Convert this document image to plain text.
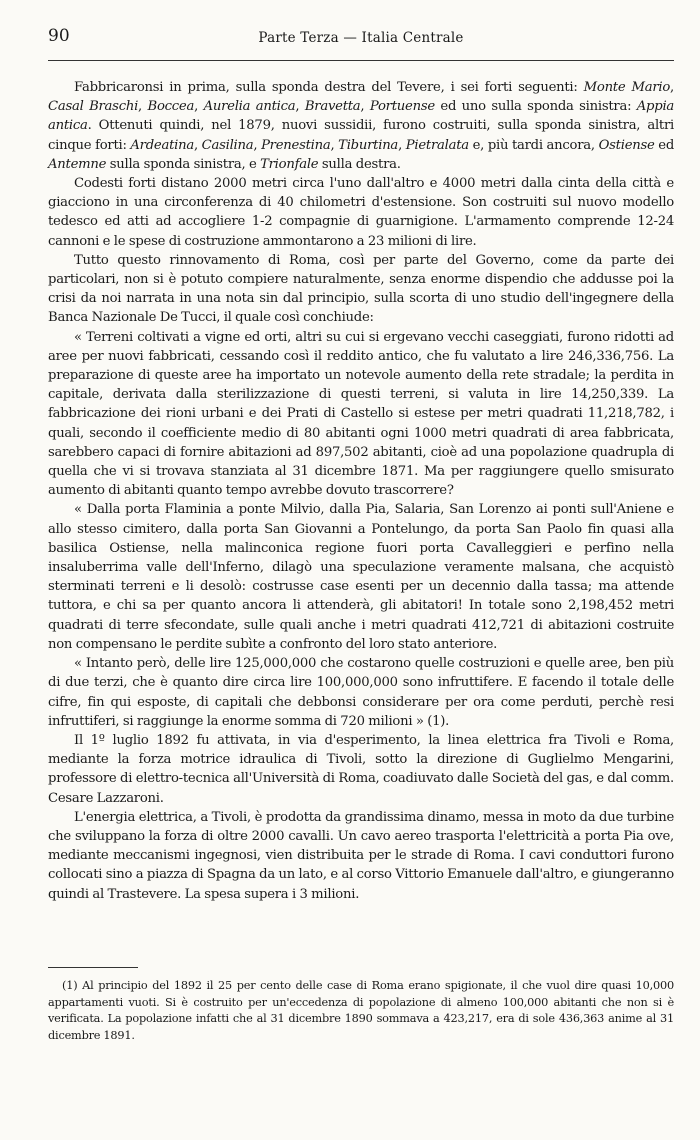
90	Parte Terza — Italia Centrale

Fabbricaronsi in prima, sulla sponda destra del Tevere, i sei forti seguenti: Monte Mario, Casal Braschi, Boccea, Aurelia antica, Bravetta, Portuense ed uno sulla sponda sinistra: Appia antica. Ottenuti quindi, nel 1879, nuovi sussidii, furono costruiti, sulla sponda sinistra, altri cinque forti: Ardeatina, Casilina, Prenestina, Tiburtina, Pietralata e, più tardi ancora, Ostiense ed Antemne sulla sponda sinistra, e Trionfale sulla destra.

Codesti forti distano 2000 metri circa l'uno dall'altro e 4000 metri dalla cinta della città e giacciono in una circonferenza di 40 chilometri d'estensione. Son costruiti sul nuovo modello tedesco ed atti ad accogliere 1-2 compagnie di guarnigione. L'armamento comprende 12-24 cannoni e le spese di costruzione ammontarono a 23 milioni di lire.

Tutto questo rinnovamento di Roma, così per parte del Governo, come da parte dei particolari, non si è potuto compiere naturalmente, senza enorme dispendio che addusse poi la crisi da noi narrata in una nota sin dal principio, sulla scorta di uno studio dell'ingegnere della Banca Nazionale De Tucci, il quale così conchiude:

« Terreni coltivati a vigne ed orti, altri su cui si ergevano vecchi caseggiati, furono ridotti ad aree per nuovi fabbricati, cessando così il reddito antico, che fu valutato a lire 246,336,756. La preparazione di queste aree ha importato un notevole aumento della rete stradale; la perdita in capitale, derivata dalla sterilizzazione di questi terreni, si valuta in lire 14,250,339. La fabbricazione dei rioni urbani e dei Prati di Castello si estese per metri quadrati 11,218,782, i quali, secondo il coefficiente medio di 80 abitanti ogni 1000 metri quadrati di area fabbricata, sarebbero capaci di fornire abitazioni ad 897,502 abitanti, cioè ad una popolazione quadrupla di quella che vi si trovava stanziata al 31 dicembre 1871. Ma per raggiungere quello smisurato aumento di abitanti quanto tempo avrebbe dovuto trascorrere?

« Dalla porta Flaminia a ponte Milvio, dalla Pia, Salaria, San Lorenzo ai ponti sull'Aniene e allo stesso cimitero, dalla porta San Giovanni a Pontelungo, da porta San Paolo fin quasi alla basilica Ostiense, nella malinconica regione fuori porta Cavalleggieri e perfino nella insaluberrima valle dell'Inferno, dilagò una speculazione veramente malsana, che acquistò sterminati terreni e li desolò: costrusse case esenti per un decennio dalla tassa; ma attende tuttora, e chi sa per quanto ancora li attenderà, gli abitatori! In totale sono 2,198,452 metri quadrati di terre sfecondate, sulle quali anche i metri quadrati 412,721 di abitazioni costruite non compensano le perdite subìte a confronto del loro stato anteriore.

« Intanto però, delle lire 125,000,000 che costarono quelle costruzioni e quelle aree, ben più di due terzi, che è quanto dire circa lire 100,000,000 sono infruttifere. E facendo il totale delle cifre, fin qui esposte, di capitali che debbonsi considerare per ora come perduti, perchè resi infruttiferi, si raggiunge la enorme somma di 720 milioni » (1).

Il 1º luglio 1892 fu attivata, in via d'esperimento, la linea elettrica fra Tivoli e Roma, mediante la forza motrice idraulica di Tivoli, sotto la direzione di Guglielmo Mengarini, professore di elettro-tecnica all'Università di Roma, coadiuvato dalle Società del gas, e dal comm. Cesare Lazzaroni.

L'energia elettrica, a Tivoli, è prodotta da grandissima dinamo, messa in moto da due turbine che sviluppano la forza di oltre 2000 cavalli. Un cavo aereo trasporta l'elettricità a porta Pia ove, mediante meccanismi ingegnosi, vien distribuita per le strade di Roma. I cavi conduttori furono collocati sino a piazza di Spagna da un lato, e al corso Vittorio Emanuele dall'altro, e giungeranno quindi al Trastevere. La spesa supera i 3 milioni.

(1) Al principio del 1892 il 25 per cento delle case di Roma erano spigionate, il che vuol dire quasi 10,000 appartamenti vuoti. Si è costruito per un'eccedenza di popolazione di almeno 100,000 abitanti che non si è verificata. La popolazione infatti che al 31 dicembre 1890 sommava a 423,217, era di sole 436,363 anime al 31 dicembre 1891.
